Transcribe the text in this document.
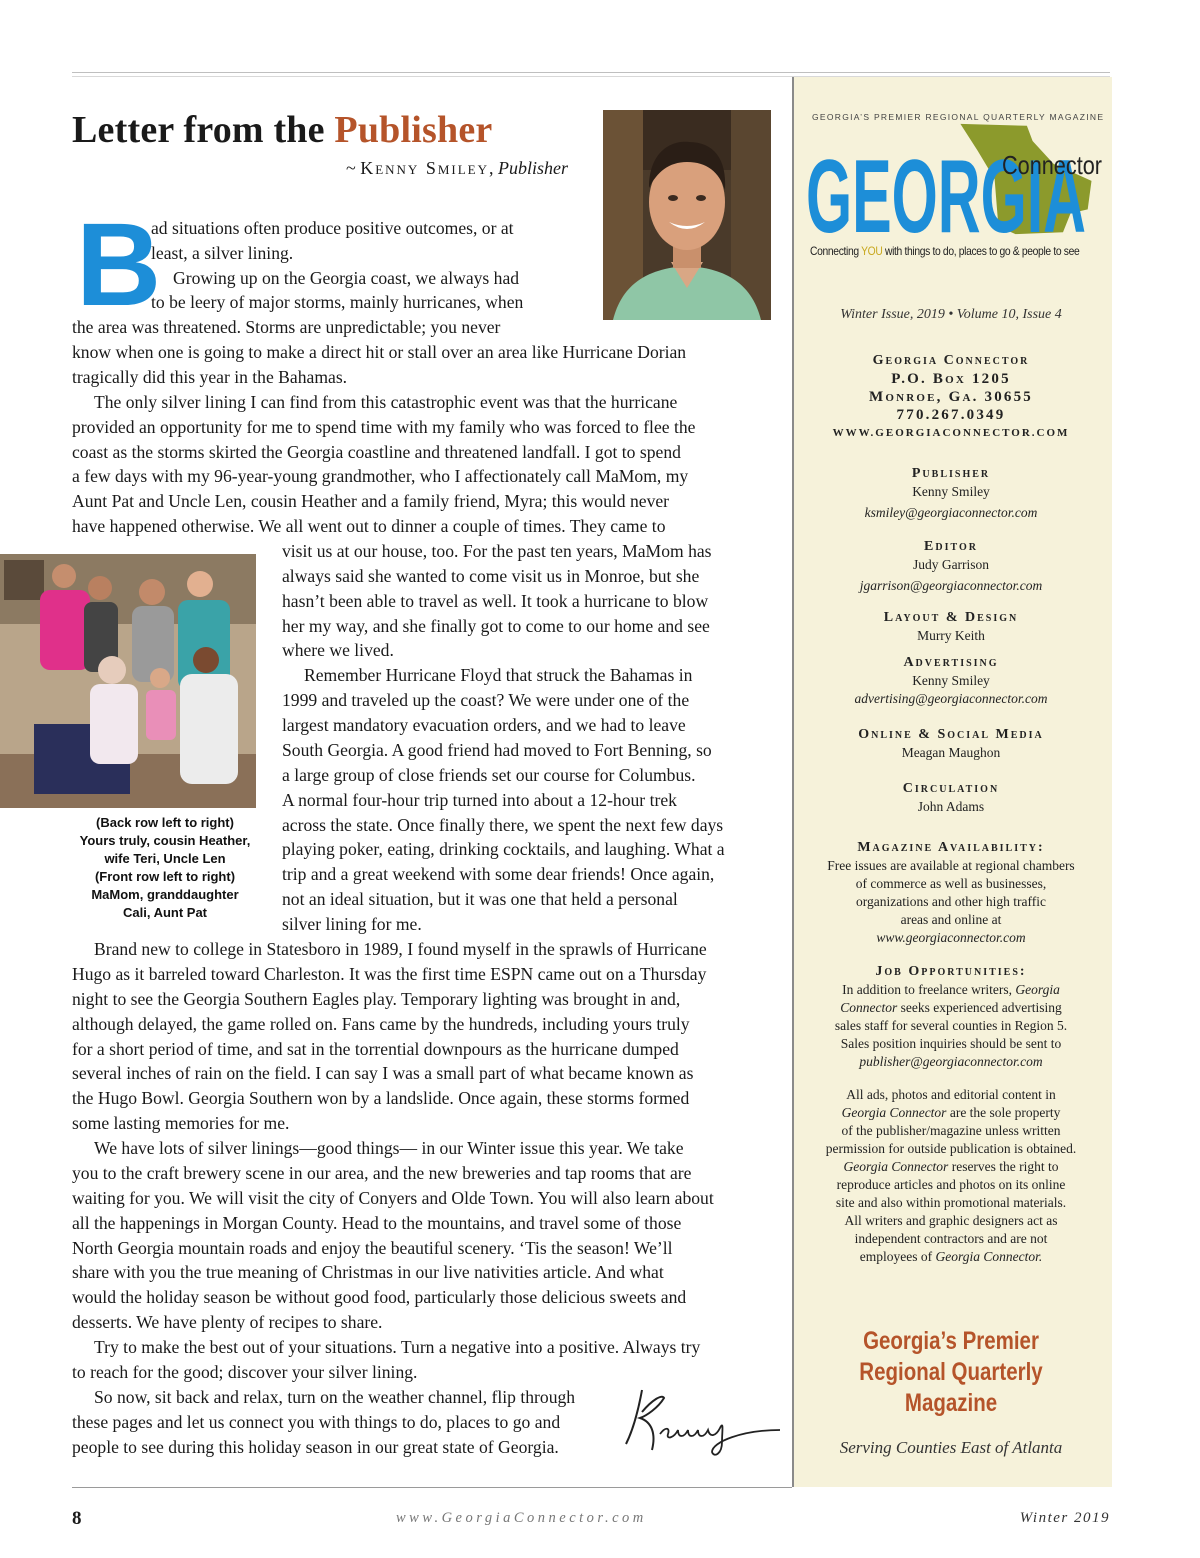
Letter from the Publisher
~ Kenny Smiley, Publisher
B
ad situations often produce positive outcomes, or at
least, a silver lining.
Growing up on the Georgia coast, we always had
to be leery of major storms, mainly hurricanes, when
the area was threatened. Storms are unpredictable; you never
know when one is going to make a direct hit or stall over an area like Hurricane Dorian
tragically did this year in the Bahamas.
The only silver lining I can find from this catastrophic event was that the hurricane
provided an opportunity for me to spend time with my family who was forced to flee the
coast as the storms skirted the Georgia coastline and threatened landfall. I got to spend
a few days with my 96-year-young grandmother, who I affectionately call MaMom, my
Aunt Pat and Uncle Len, cousin Heather and a family friend, Myra; this would never
have happened otherwise. We all went out to dinner a couple of times. They came to
visit us at our house, too. For the past ten years, MaMom has
always said she wanted to come visit us in Monroe, but she
hasn’t been able to travel as well. It took a hurricane to blow
her my way, and she finally got to come to our home and see
where we lived.
Remember Hurricane Floyd that struck the Bahamas in
1999 and traveled up the coast? We were under one of the
largest mandatory evacuation orders, and we had to leave
South Georgia. A good friend had moved to Fort Benning, so
a large group of close friends set our course for Columbus.
A normal four-hour trip turned into about a 12-hour trek
across the state. Once finally there, we spent the next few days
playing poker, eating, drinking cocktails, and laughing. What a
trip and a great weekend with some dear friends! Once again,
not an ideal situation, but it was one that held a personal
silver lining for me.
Brand new to college in Statesboro in 1989, I found myself in the sprawls of Hurricane
Hugo as it barreled toward Charleston. It was the first time ESPN came out on a Thursday
night to see the Georgia Southern Eagles play. Temporary lighting was brought in and,
although delayed, the game rolled on. Fans came by the hundreds, including yours truly
for a short period of time, and sat in the torrential downpours as the hurricane dumped
several inches of rain on the field. I can say I was a small part of what became known as
the Hugo Bowl. Georgia Southern won by a landslide. Once again, these storms formed
some lasting memories for me.
We have lots of silver linings—good things— in our Winter issue this year. We take
you to the craft brewery scene in our area, and the new breweries and tap rooms that are
waiting for you. We will visit the city of Conyers and Olde Town. You will also learn about
all the happenings in Morgan County. Head to the mountains, and travel some of those
North Georgia mountain roads and enjoy the beautiful scenery. ‘Tis the season! We’ll
share with you the true meaning of Christmas in our live nativities article. And what
would the holiday season be without good food, particularly those delicious sweets and
desserts. We have plenty of recipes to share.
Try to make the best out of your situations. Turn a negative into a positive. Always try
to reach for the good; discover your silver lining.
So now, sit back and relax, turn on the weather channel, flip through
these pages and let us connect you with things to do, places to go and
people to see during this holiday season in our great state of Georgia.
(Back row left to right)
Yours truly, cousin Heather,
wife Teri, Uncle Len
(Front row left to right)
MaMom, granddaughter
Cali, Aunt Pat
GEORGIA’S PREMIER REGIONAL QUARTERLY MAGAZINE
GEORGIA
Connector
Connecting YOU with things to do, places to go & people to see
Winter Issue, 2019 • Volume 10, Issue 4
Georgia Connector
P.O. Box 1205
Monroe, Ga. 30655
770.267.0349
WWW.GEORGIACONNECTOR.COM
Publisher
Kenny Smiley
ksmiley@georgiaconnector.com
Editor
Judy Garrison
jgarrison@georgiaconnector.com
Layout & Design
Murry Keith
Advertising
Kenny Smiley
advertising@georgiaconnector.com
Online & Social Media
Meagan Maughon
Circulation
John Adams
Magazine Availability:
Free issues are available at regional chambers
of commerce as well as businesses,
organizations and other high traffic
areas and online at
www.georgiaconnector.com
Job Opportunities:
In addition to freelance writers, Georgia
Connector seeks experienced advertising
sales staff for several counties in Region 5.
Sales position inquiries should be sent to
publisher@georgiaconnector.com
All ads, photos and editorial content in
Georgia Connector are the sole property
of the publisher/magazine unless written
permission for outside publication is obtained.
Georgia Connector reserves the right to
reproduce articles and photos on its online
site and also within promotional materials.
All writers and graphic designers act as
independent contractors and are not
employees of Georgia Connector.
Georgia’s Premier
Regional Quarterly
Magazine
Serving Counties East of Atlanta
8	www.GeorgiaConnector.com	Winter 2019
